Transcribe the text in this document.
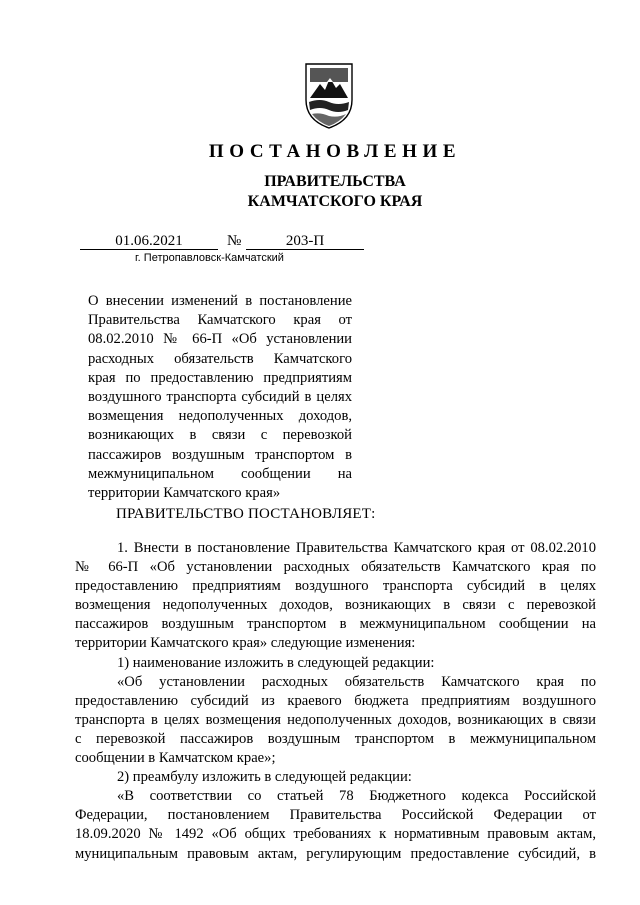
ПОСТАНОВЛЕНИЕ
ПРАВИТЕЛЬСТВА
КАМЧАТСКОГО КРАЯ
01.06.2021	№	203-П
г. Петропавловск-Камчатский
О внесении изменений в постановление
Правительства Камчатского края от
08.02.2010 № 66-П «Об установлении
расходных обязательств Камчатского
края по предоставлению предприятиям
воздушного транспорта субсидий в целях
возмещения недополученных доходов,
возникающих в связи с перевозкой
пассажиров воздушным транспортом в
межмуниципальном сообщении на
территории Камчатского края»
ПРАВИТЕЛЬСТВО ПОСТАНОВЛЯЕТ:
1. Внести в постановление Правительства Камчатского края от 08.02.2010
№ 66-П «Об установлении расходных обязательств Камчатского края по
предоставлению предприятиям воздушного транспорта субсидий в целях
возмещения недополученных доходов, возникающих в связи с перевозкой
пассажиров воздушным транспортом в межмуниципальном сообщении на
территории Камчатского края» следующие изменения:
1) наименование изложить в следующей редакции:
«Об установлении расходных обязательств Камчатского края по
предоставлению субсидий из краевого бюджета предприятиям воздушного
транспорта в целях возмещения недополученных доходов, возникающих в связи
с перевозкой пассажиров воздушным транспортом в межмуниципальном
сообщении в Камчатском крае»;
2) преамбулу изложить в следующей редакции:
«В соответствии со статьей 78 Бюджетного кодекса Российской
Федерации, постановлением Правительства Российской Федерации от
18.09.2020 № 1492 «Об общих требованиях к нормативным правовым актам,
муниципальным правовым актам, регулирующим предоставление субсидий, в
